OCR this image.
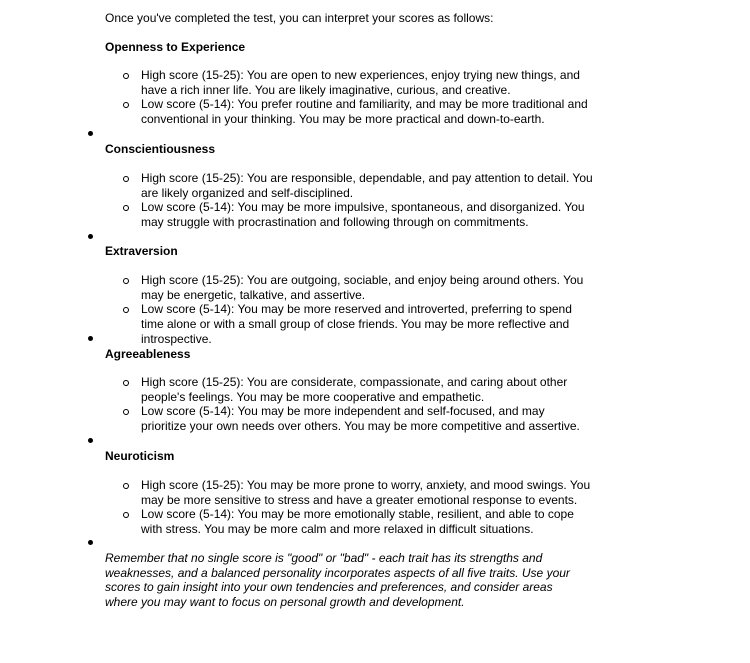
Once you've completed the test, you can interpret your scores as follows:

Openness to Experience

High score (15-25): You are open to new experiences, enjoy trying new things, and have a rich inner life. You are likely imaginative, curious, and creative.
Low score (5-14): You prefer routine and familiarity, and may be more traditional and conventional in your thinking. You may be more practical and down-to-earth.

Conscientiousness

High score (15-25): You are responsible, dependable, and pay attention to detail. You are likely organized and self-disciplined.
Low score (5-14): You may be more impulsive, spontaneous, and disorganized. You may struggle with procrastination and following through on commitments.

Extraversion

High score (15-25): You are outgoing, sociable, and enjoy being around others. You may be energetic, talkative, and assertive.
Low score (5-14): You may be more reserved and introverted, preferring to spend time alone or with a small group of close friends. You may be more reflective and introspective.

Agreeableness

High score (15-25): You are considerate, compassionate, and caring about other people's feelings. You may be more cooperative and empathetic.
Low score (5-14): You may be more independent and self-focused, and may prioritize your own needs over others. You may be more competitive and assertive.

Neuroticism

High score (15-25): You may be more prone to worry, anxiety, and mood swings. You may be more sensitive to stress and have a greater emotional response to events.
Low score (5-14): You may be more emotionally stable, resilient, and able to cope with stress. You may be more calm and more relaxed in difficult situations.

Remember that no single score is "good" or "bad" - each trait has its strengths and weaknesses, and a balanced personality incorporates aspects of all five traits. Use your scores to gain insight into your own tendencies and preferences, and consider areas where you may want to focus on personal growth and development.
